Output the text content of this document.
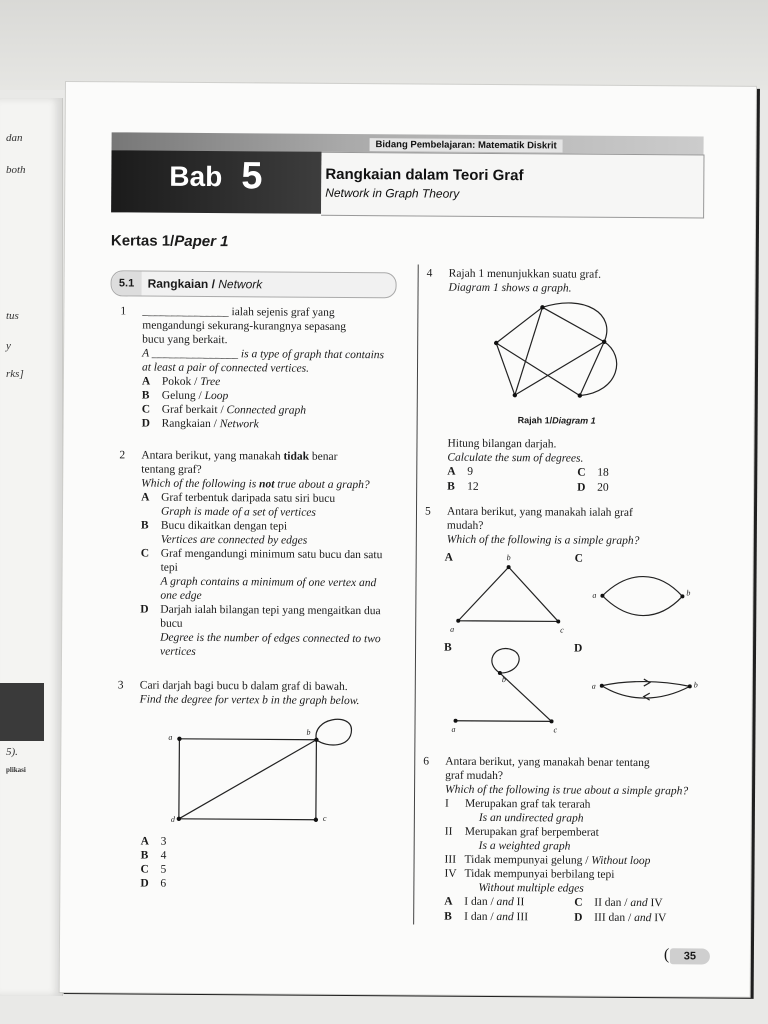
dan
both
tus
y
rks]
5).
plikasi
Bidang Pembelajaran: Matematik Diskrit
Bab 5	Rangkaian dalam Teori Graf
Network in Graph Theory
Kertas 1/Paper 1
5.1	Rangkaian / Network
1 _______________ ialah sejenis graf yang
mengandungi sekurang-kurangnya sepasang
bucu yang berkait.
A _______________ is a type of graph that contains
at least a pair of connected vertices.
A Pokok / Tree
B Gelung / Loop
C Graf berkait / Connected graph
D Rangkaian / Network
2 Antara berikut, yang manakah tidak benar
tentang graf?
Which of the following is not true about a graph?
A	Graf terbentuk daripada satu siri bucu
Graph is made of a set of vertices
B	Bucu dikaitkan dengan tepi
Vertices are connected by edges
C	Graf mengandungi minimum satu bucu dan satu tepi
A graph contains a minimum of one vertex and one edge
D	Darjah ialah bilangan tepi yang mengaitkan dua bucu
Degree is the number of edges connected to two vertices
3 Cari darjah bagi bucu b dalam graf di bawah.
Find the degree for vertex b in the graph below.
a
b
c
d
A 3
B 4
C 5
D 6
4 Rajah 1 menunjukkan suatu graf.
Diagram 1 shows a graph.
Rajah 1/Diagram 1
Hitung bilangan darjah.
Calculate the sum of degrees.
A 9	C 18
B 12	D 20
5 Antara berikut, yang manakah ialah graf
mudah?
Which of the following is a simple graph?
A	C
B	D
b
a	c
a	b
b
a	c
a	b
6 Antara berikut, yang manakah benar tentang
graf mudah?
Which of the following is true about a simple graph?
I Merupakan graf tak terarah
Is an undirected graph
II Merupakan graf berpemberat
Is a weighted graph
III Tidak mempunyai gelung / Without loop
IV Tidak mempunyai berbilang tepi
Without multiple edges
A I dan / and II	C II dan / and IV
B I dan / and III	D III dan / and IV
(	35
